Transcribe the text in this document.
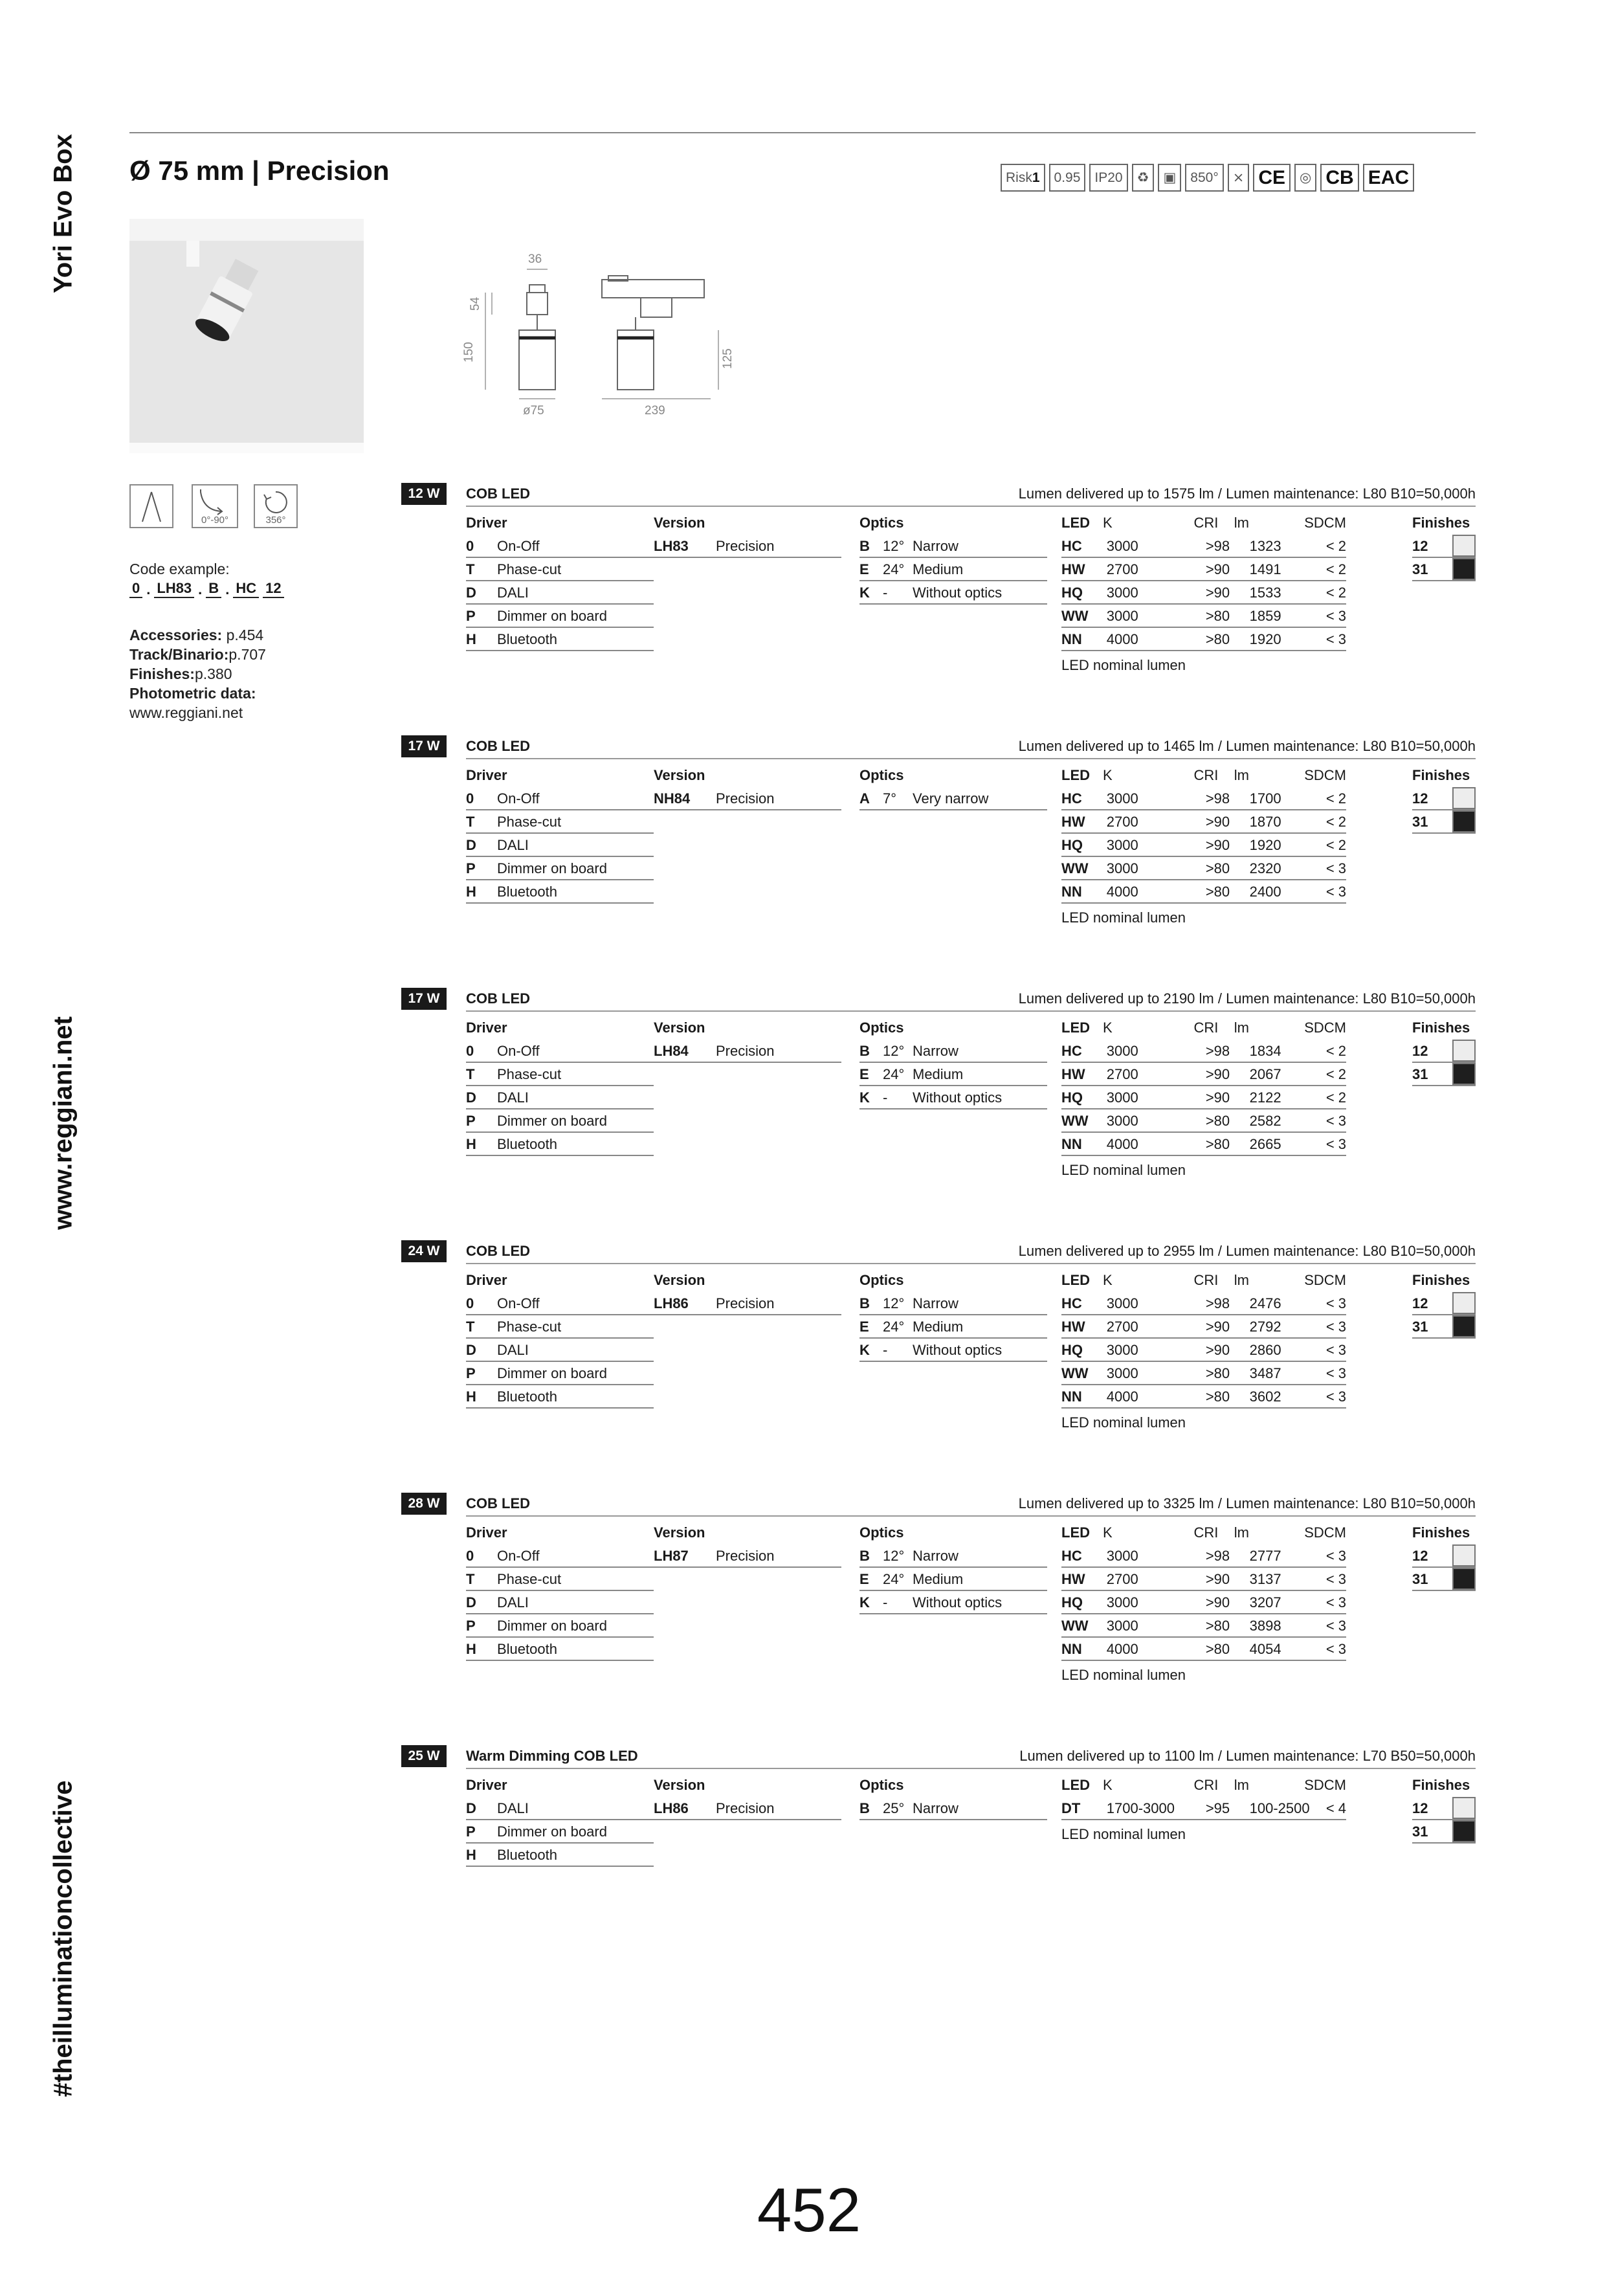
Yori Evo Box
www.reggiani.net
#theilluminationcollective
Ø 75 mm | Precision	Risk 1 0.95 IP20 ♻ ▣ 850° ⨯ CE ◎ CB EAC
36
54
150
ø75
125
239
0°-90°	356°
Code example:
0 . LH83 . B . HC 12
Accessories: p.454
Track/Binario:p.707
Finishes:p.380
Photometric data:
www.reggiani.net
12 W	COB LED	Lumen delivered up to 1575 lm / Lumen maintenance: L80 B10=50,000h
Driver
0	On-Off
T	Phase-cut
D	DALI
P	Dimmer on board
H	Bluetooth
Version
LH83	Precision
Optics
B 12° Narrow
E 24° Medium
K -	Without optics
LED K	CRI	lm	SDCM
HC	3000	>98	1323	< 2
HW	2700	>90	1491	< 2
HQ	3000	>90	1533	< 2
WW	3000	>80	1859	< 3
NN	4000	>80	1920	< 3
LED nominal lumen
Finishes
12
31
17 W	COB LED	Lumen delivered up to 1465 lm / Lumen maintenance: L80 B10=50,000h
Driver
0	On-Off
T	Phase-cut
D	DALI
P	Dimmer on board
H	Bluetooth
Version
NH84	Precision
Optics
A 7°	Very narrow
LED K	CRI	lm	SDCM
HC	3000	>98	1700	< 2
HW	2700	>90	1870	< 2
HQ	3000	>90	1920	< 2
WW	3000	>80	2320	< 3
NN	4000	>80	2400	< 3
LED nominal lumen
Finishes
12
31
17 W	COB LED	Lumen delivered up to 2190 lm / Lumen maintenance: L80 B10=50,000h
Driver
0	On-Off
T	Phase-cut
D	DALI
P	Dimmer on board
H	Bluetooth
Version
LH84	Precision
Optics
B 12° Narrow
E 24° Medium
K -	Without optics
LED K	CRI	lm	SDCM
HC	3000	>98	1834	< 2
HW	2700	>90	2067	< 2
HQ	3000	>90	2122	< 2
WW	3000	>80	2582	< 3
NN	4000	>80	2665	< 3
LED nominal lumen
Finishes
12
31
24 W	COB LED	Lumen delivered up to 2955 lm / Lumen maintenance: L80 B10=50,000h
Driver
0	On-Off
T	Phase-cut
D	DALI
P	Dimmer on board
H	Bluetooth
Version
LH86	Precision
Optics
B 12° Narrow
E 24° Medium
K -	Without optics
LED K	CRI	lm	SDCM
HC	3000	>98	2476	< 3
HW	2700	>90	2792	< 3
HQ	3000	>90	2860	< 3
WW	3000	>80	3487	< 3
NN	4000	>80	3602	< 3
LED nominal lumen
Finishes
12
31
28 W	COB LED	Lumen delivered up to 3325 lm / Lumen maintenance: L80 B10=50,000h
Driver
0	On-Off
T	Phase-cut
D	DALI
P	Dimmer on board
H	Bluetooth
Version
LH87	Precision
Optics
B 12° Narrow
E 24° Medium
K -	Without optics
LED K	CRI	lm	SDCM
HC	3000	>98	2777	< 3
HW	2700	>90	3137	< 3
HQ	3000	>90	3207	< 3
WW	3000	>80	3898	< 3
NN	4000	>80	4054	< 3
LED nominal lumen
Finishes
12
31
25 W	Warm Dimming COB LED	Lumen delivered up to 1100 lm / Lumen maintenance: L70 B50=50,000h
Driver
D	DALI
P	Dimmer on board
H	Bluetooth
Version
LH86	Precision
Optics
B 25° Narrow
LED K	CRI	lm	SDCM
DT	1700-3000	>95	100-2500	< 4
LED nominal lumen
Finishes
12
31
452
